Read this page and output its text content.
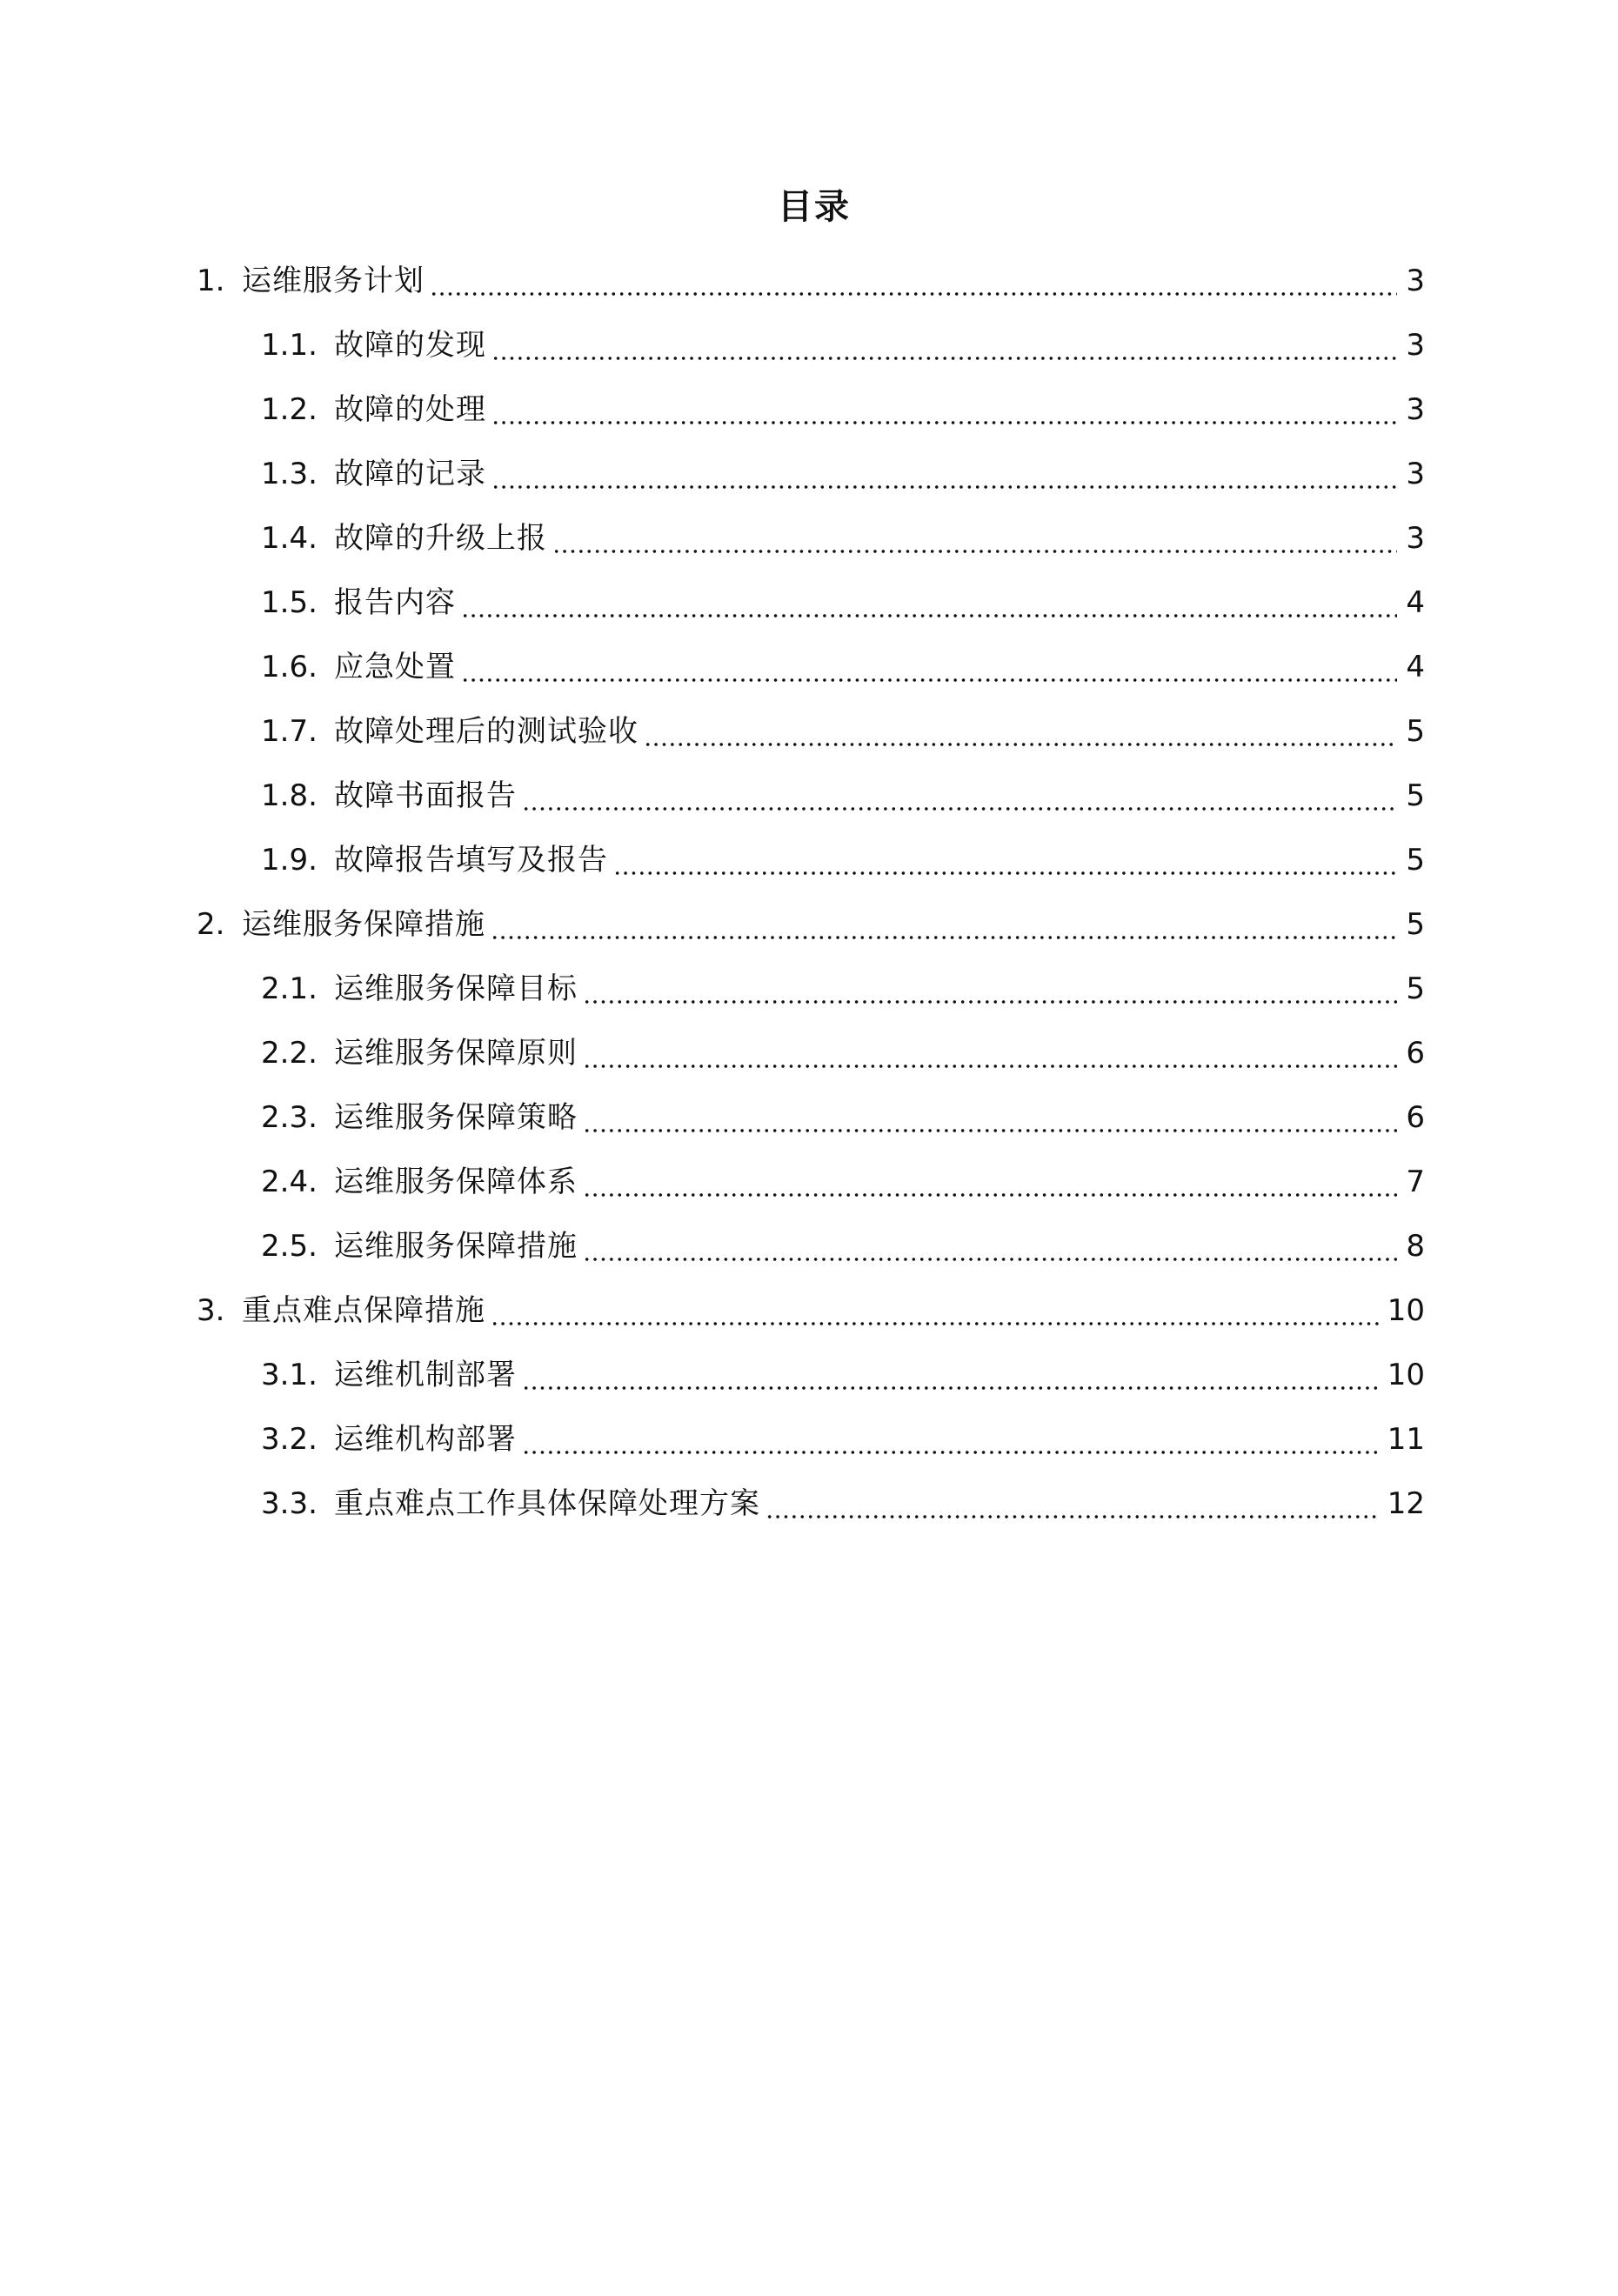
目录
1. 运维服务计划	3
1.1. 故障的发现	3
1.2. 故障的处理	3
1.3. 故障的记录	3
1.4. 故障的升级上报	3
1.5. 报告内容	4
1.6. 应急处置	4
1.7. 故障处理后的测试验收	5
1.8. 故障书面报告	5
1.9. 故障报告填写及报告	5
2. 运维服务保障措施	5
2.1. 运维服务保障目标	5
2.2. 运维服务保障原则	6
2.3. 运维服务保障策略	6
2.4. 运维服务保障体系	7
2.5. 运维服务保障措施	8
3. 重点难点保障措施	10
3.1. 运维机制部署	10
3.2. 运维机构部署	11
3.3. 重点难点工作具体保障处理方案	12
